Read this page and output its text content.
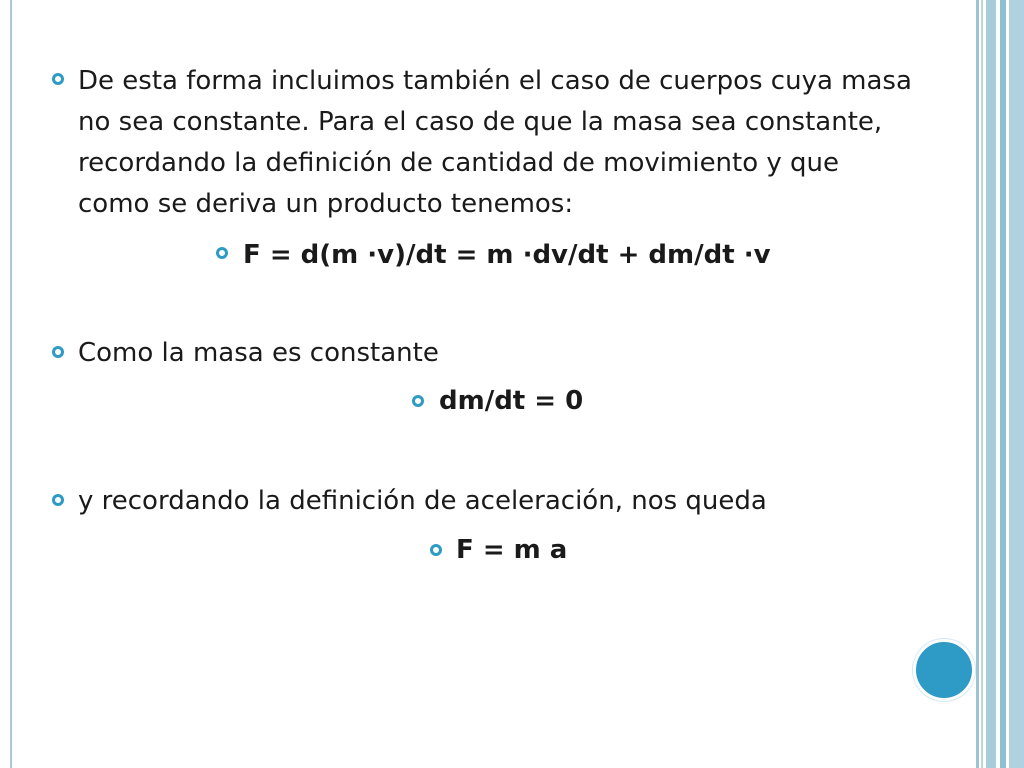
De esta forma incluimos también el caso de cuerpos cuya masa
no sea constante. Para el caso de que la masa sea constante,
recordando la definición de cantidad de movimiento y que
como se deriva un producto tenemos:
F = d(m ·v)/dt = m ·dv/dt + dm/dt ·v
Como la masa es constante
dm/dt = 0
y recordando la definición de aceleración, nos queda
F = m a
